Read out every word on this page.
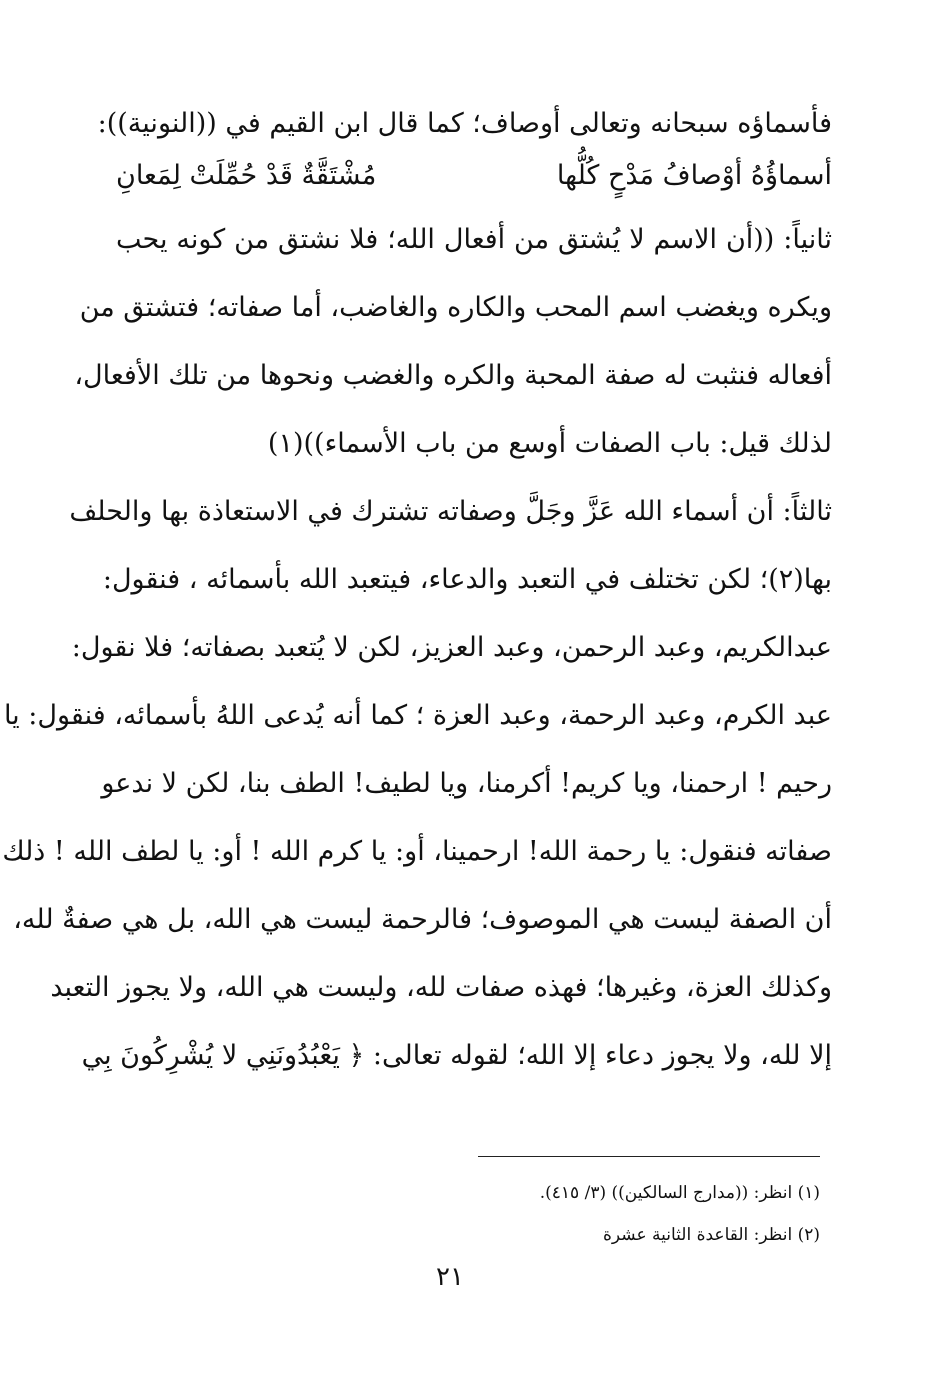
فأسماؤه سبحانه وتعالى أوصاف؛ كما قال ابن القيم في ((النونية)):
أسماؤُهُ أوْصافُ مَدْحٍ كُلُّها
مُشْتَقَّةٌ قَدْ حُمِّلَتْ لِمَعانِ
ثانياً: ((أن الاسم لا يُشتق من أفعال الله؛ فلا نشتق من كونه يحب
ويكره ويغضب اسم المحب والكاره والغاضب، أما صفاته؛ فتشتق من
أفعاله فنثبت له صفة المحبة والكره والغضب ونحوها من تلك الأفعال،
لذلك قيل: باب الصفات أوسع من باب الأسماء))(١)
ثالثاً: أن أسماء الله عَزَّ وجَلَّ وصفاته تشترك في الاستعاذة بها والحلف
بها(٢)؛ لكن تختلف في التعبد والدعاء، فيتعبد الله بأسمائه ، فنقول:
عبدالكريم، وعبد الرحمن، وعبد العزيز، لكن لا يُتعبد بصفاته؛ فلا نقول:
عبد الكرم، وعبد الرحمة، وعبد العزة ؛ كما أنه يُدعى اللهُ بأسمائه، فنقول: يا
رحيم ! ارحمنا، ويا كريم! أكرمنا، ويا لطيف! الطف بنا، لكن لا ندعو
صفاته فنقول: يا رحمة الله! ارحمينا، أو: يا كرم الله ! أو: يا لطف الله ! ذلك
أن الصفة ليست هي الموصوف؛ فالرحمة ليست هي الله، بل هي صفةٌ لله،
وكذلك العزة، وغيرها؛ فهذه صفات لله، وليست هي الله، ولا يجوز التعبد
إلا لله، ولا يجوز دعاء إلا الله؛ لقوله تعالى: ﴿ يَعْبُدُونَنِي لا يُشْرِكُونَ بِي
(١) انظر: ((مدارج السالكين)) (٣/ ٤١٥).
(٢) انظر: القاعدة الثانية عشرة
٢١
